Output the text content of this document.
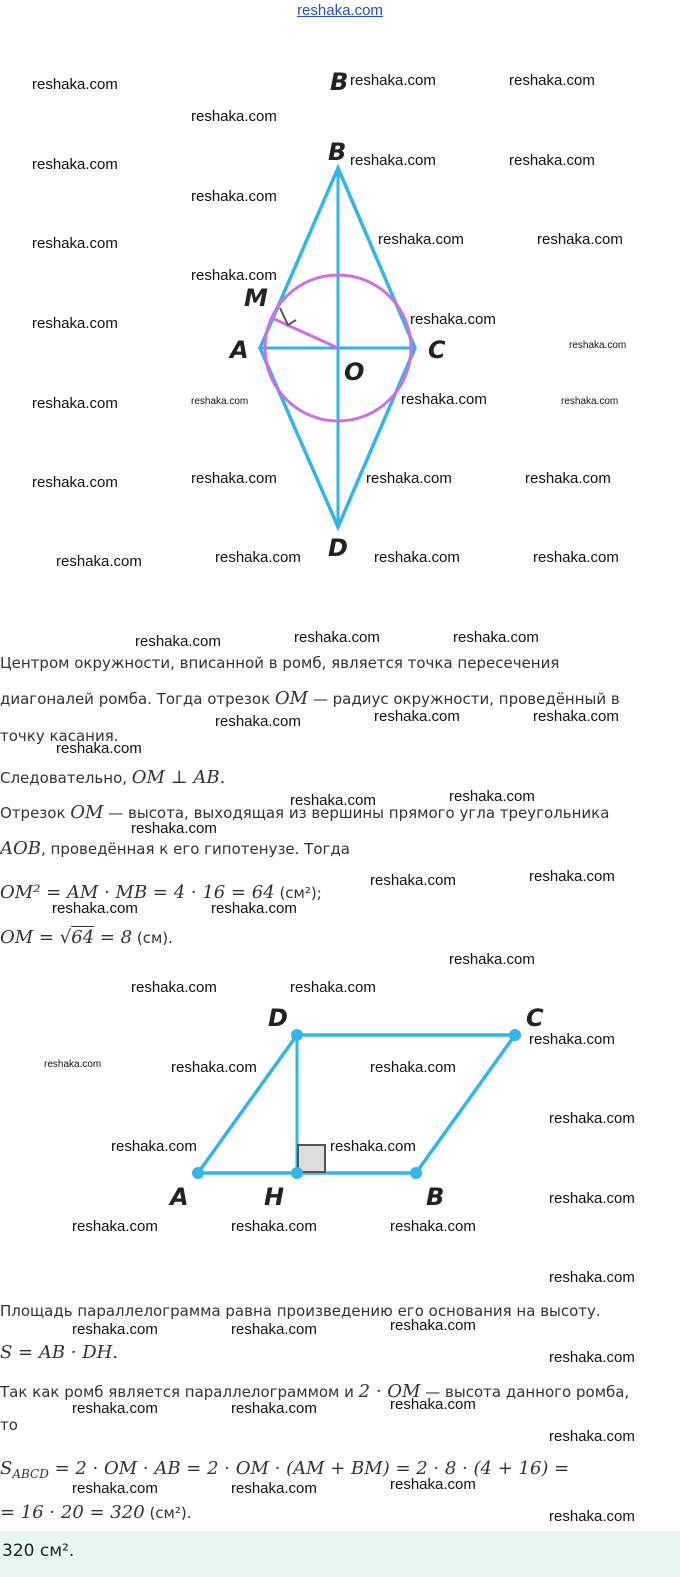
reshaka.com
B
B
A	C
O
M
D
Центром окружности, вписанной в ромб, является точка пересечения
диагоналей ромба. Тогда отрезок OM — радиус окружности, проведённый в
точку касания.
Следовательно, OM ⊥ AB.
Отрезок OM — высота, выходящая из вершины прямого угла треугольника
AOB, проведённая к его гипотенузе. Тогда
OM² = AM · MB = 4 · 16 = 64 (см²);
OM = √64 = 8 (см).
D	C
A	H	B
Площадь параллелограмма равна произведению его основания на высоту.
S = AB · DH.
Так как ромб является параллелограммом и 2 · OM — высота данного ромба,
то
$S_{ABCD} = 2$ · OM · AB = 2 · OM · (AM + BM) = 2 · 8 · (4 + 16) =
= 16 · 20 = 320 (см²).
320 см².
reshaka.com	reshaka.com	reshaka.com
reshaka.com
reshaka.com	reshaka.com	reshaka.com
reshaka.com
reshaka.com	reshaka.com	reshaka.com
reshaka.com
reshaka.com	reshaka.com
reshaka.com
reshaka.com	reshaka.com	reshaka.com	reshaka.com
reshaka.com	reshaka.com	reshaka.com	reshaka.com
reshaka.com	reshaka.com	reshaka.com	reshaka.com
reshaka.com	reshaka.com	reshaka.com
reshaka.com	reshaka.com	reshaka.com
reshaka.com
reshaka.com	reshaka.com
reshaka.com
reshaka.com	reshaka.com
reshaka.com	reshaka.com
reshaka.com
reshaka.com	reshaka.com
reshaka.com
reshaka.com	reshaka.com	reshaka.com
reshaka.com
reshaka.com	reshaka.com
reshaka.com
reshaka.com	reshaka.com	reshaka.com
reshaka.com
reshaka.com	reshaka.com	reshaka.com
reshaka.com
reshaka.com	reshaka.com	reshaka.com
reshaka.com
reshaka.com	reshaka.com	reshaka.com
reshaka.com
